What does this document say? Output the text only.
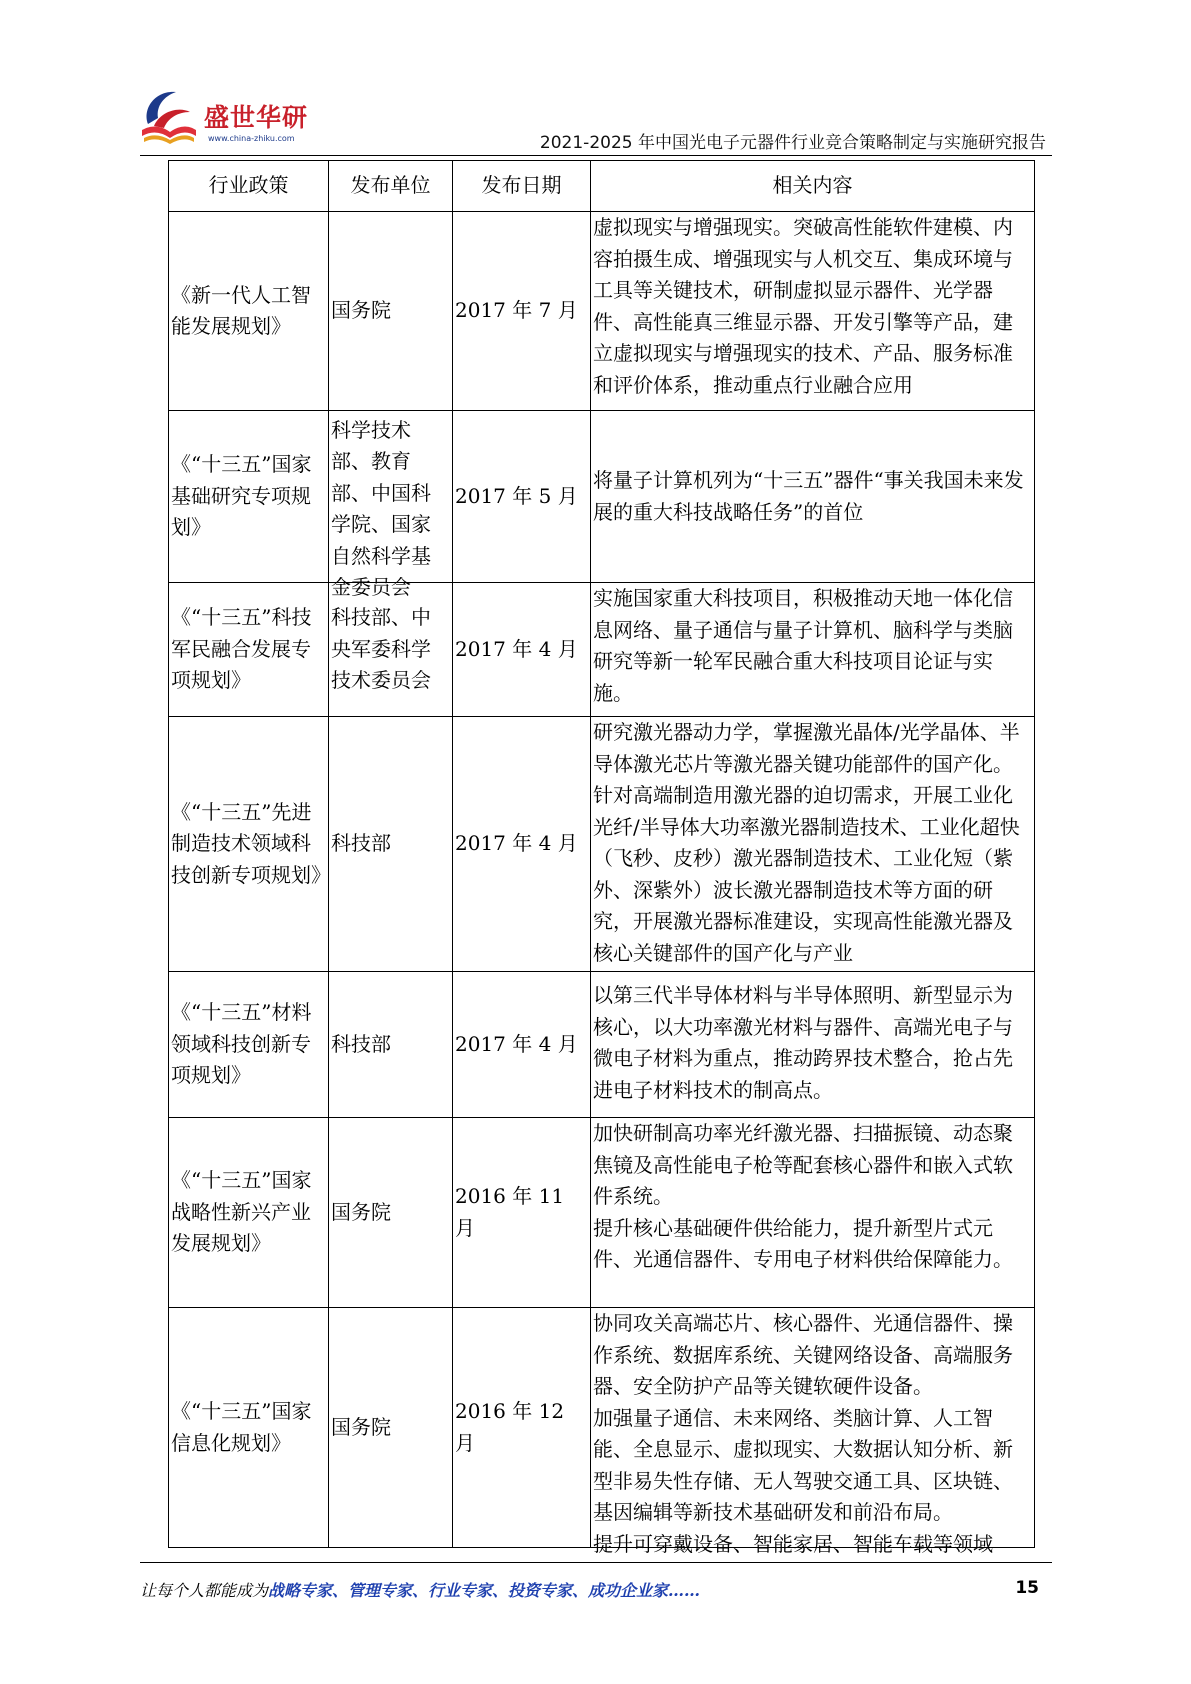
盛世华研
www.china-zhiku.com	2021-2025 年中国光电子元器件行业竞合策略制定与实施研究报告
行业政策	发布单位	发布日期	相关内容
《新一代人工智能发展规划》	国务院	2017 年 7 月	虚拟现实与增强现实。突破高性能软件建模、内容拍摄生成、增强现实与人机交互、集成环境与工具等关键技术，研制虚拟显示器件、光学器件、高性能真三维显示器、开发引擎等产品，建立虚拟现实与增强现实的技术、产品、服务标准和评价体系，推动重点行业融合应用

《“十三五”国家基础研究专项规划》	科学技术部、教育部、中国科学院、国家自然科学基金委员会	2017 年 5 月	将量子计算机列为“十三五”器件“事关我国未来发展的重大科技战略任务”的首位
《“十三五”科技军民融合发展专项规划》	科技部、中央军委科学技术委员会	2017 年 4 月	实施国家重大科技项目，积极推动天地一体化信息网络、量子通信与量子计算机、脑科学与类脑研究等新一轮军民融合重大科技项目论证与实施。

《“十三五”先进制造技术领域科技创新专项规划》	科技部	2017 年 4 月	研究激光器动力学，掌握激光晶体/光学晶体、半导体激光芯片等激光器关键功能部件的国产化。针对高端制造用激光器的迫切需求，开展工业化光纤/半导体大功率激光器制造技术、工业化超快（飞秒、皮秒）激光器制造技术、工业化短（紫外、深紫外）波长激光器制造技术等方面的研究，开展激光器标准建设，实现高性能激光器及核心关键部件的国产化与产业

《“十三五”材料领域科技创新专项规划》	科技部	2017 年 4 月	以第三代半导体材料与半导体照明、新型显示为核心，以大功率激光材料与器件、高端光电子与微电子材料为重点，推动跨界技术整合，抢占先进电子材料技术的制高点。

《“十三五”国家战略性新兴产业发展规划》	国务院	2016 年 11 月	加快研制高功率光纤激光器、扫描振镜、动态聚焦镜及高性能电子枪等配套核心器件和嵌入式软件系统。
提升核心基础硬件供给能力，提升新型片式元件、光通信器件、专用电子材料供给保障能力。

《“十三五”国家信息化规划》	国务院	2016 年 12 月	协同攻关高端芯片、核心器件、光通信器件、操作系统、数据库系统、关键网络设备、高端服务器、安全防护产品等关键软硬件设备。
加强量子通信、未来网络、类脑计算、人工智能、全息显示、虚拟现实、大数据认知分析、新型非易失性存储、无人驾驶交通工具、区块链、基因编辑等新技术基础研发和前沿布局。
提升可穿戴设备、智能家居、智能车载等领域
让每个人都能成为战略专家、管理专家、行业专家、投资专家、成功企业家……	15
